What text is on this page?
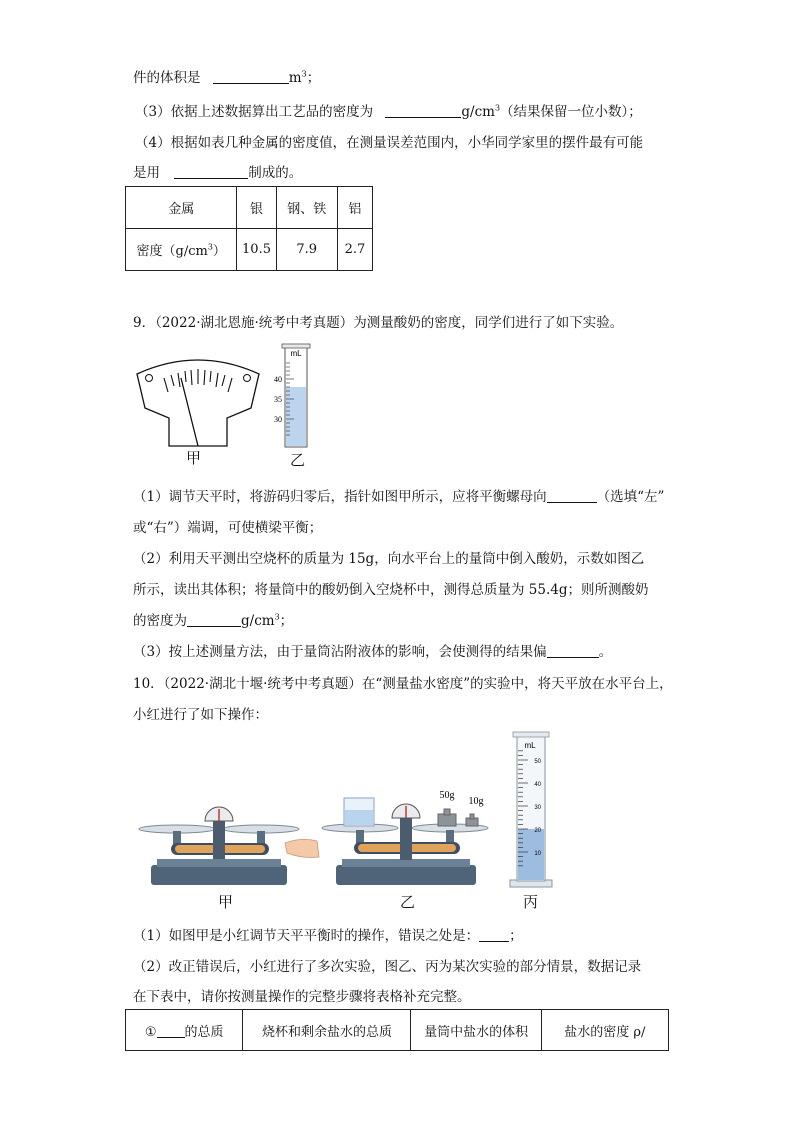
件的体积是	$m^3$；
（3）依据上述数据算出工艺品的密度为	$g/cm^3$（结果保留一位小数）；
（4）根据如表几种金属的密度值，在测量误差范围内，小华同学家里的摆件最有可能
是用	制成的。
金属	银	钢、铁	铝
密度$(g/cm^3)$	10.5	7.9	2.7
9．（2022·湖北恩施·统考中考真题）为测量酸奶的密度，同学们进行了如下实验。
mL
40
35
30
甲	乙
（1）调节天平时，将游码归零后，指针如图甲所示，应将平衡螺母向	（选填“左”
或“右”）端调，可使横梁平衡；
（2）利用天平测出空烧杯的质量为 15g，向水平台上的量筒中倒入酸奶，示数如图乙
所示，读出其体积；将量筒中的酸奶倒入空烧杯中，测得总质量为 55.4g；则所测酸奶
的密度为	$g/cm^3$；
（3）按上述测量方法，由于量筒沾附液体的影响，会使测得的结果偏	。
10．（2022·湖北十堰·统考中考真题）在“测量盐水密度”的实验中，将天平放在水平台上，
小红进行了如下操作：
50g
10g
mL
50
40
30
20
10
甲	乙	丙
（1）如图甲是小红调节天平平衡时的操作，错误之处是： ；
（2）改正错误后，小红进行了多次实验，图乙、丙为某次实验的部分情景，数据记录
在下表中，请你按测量操作的完整步骤将表格补充完整。
① 的总质	烧杯和剩余盐水的总质	量筒中盐水的体积	盐水的密度 ρ/
